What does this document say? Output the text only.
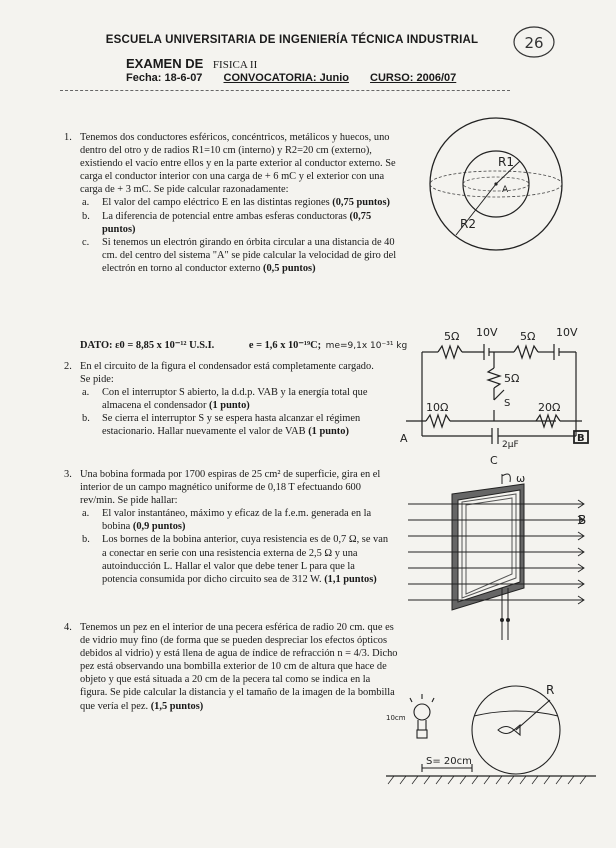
ESCUELA UNIVERSITARIA DE INGENIERÍA TÉCNICA INDUSTRIAL
EXAMEN DE FISICA II
Fecha: 18-6-07 CONVOCATORIA: Junio CURSO: 2006/07
26
1. Tenemos dos conductores esféricos, concéntricos, metálicos y huecos, uno dentro del otro y de radios R1=10 cm (interno) y R2=20 cm (externo), existiendo el vacío entre ellos y en la parte exterior al conductor externo. Se carga el conductor interior con una carga de + 6 mC y el exterior con una carga de + 3 mC. Se pide calcular razonadamente:

a. El valor del campo eléctrico E en las distintas regiones (0,75 puntos)

b. La diferencia de potencial entre ambas esferas conductoras (0,75 puntos)

c. Si tenemos un electrón girando en órbita circular a una distancia de 40 cm. del centro del sistema "A" se pide calcular la velocidad de giro del electrón en torno al conductor externo (0,5 puntos)

DATO: ε0 = 8,85 x 10⁻¹² U.S.I.	e = 1,6 x 10⁻¹⁹C; me=9,1x 10⁻³¹ kg
2. En el circuito de la figura el condensador está completamente cargado. Se pide:

a. Con el interruptor S abierto, la d.d.p. VAB y la energía total que almacena el condensador (1 punto)

b. Se cierra el interruptor S y se espera hasta alcanzar el régimen estacionario. Hallar nuevamente el valor de VAB (1 punto)

3. Una bobina formada por 1700 espiras de 25 cm² de superficie, gira en el interior de un campo magnético uniforme de 0,18 T efectuando 600 rev/min. Se pide hallar:

a. El valor instantáneo, máximo y eficaz de la f.e.m. generada en la bobina (0,9 puntos)

b. Los bornes de la bobina anterior, cuya resistencia es de 0,7 Ω, se van a conectar en serie con una resistencia externa de 2,5 Ω y una autoinducción L. Hallar el valor que debe tener L para que la potencia consumida por dicho circuito sea de 312 W. (1,1 puntos)

4. Tenemos un pez en el interior de una pecera esférica de radio 20 cm. que es de vidrio muy fino (de forma que se pueden despreciar los efectos ópticos debidos al vidrio) y está llena de agua de índice de refracción n = 4/3. Dicho pez está observando una bombilla exterior de 10 cm de altura que hace de objeto y que está situada a 20 cm de la pecera tal como se indica en la figura. Se pide calcular la distancia y el tamaño de la imagen de la bombilla que vería el pez. (1,5 puntos)

R1
R2
A
5Ω 10V 5Ω 10V
5Ω
S
10Ω	20Ω
2μF
A	B
C
B
ω
R
S= 20cm
10cm
